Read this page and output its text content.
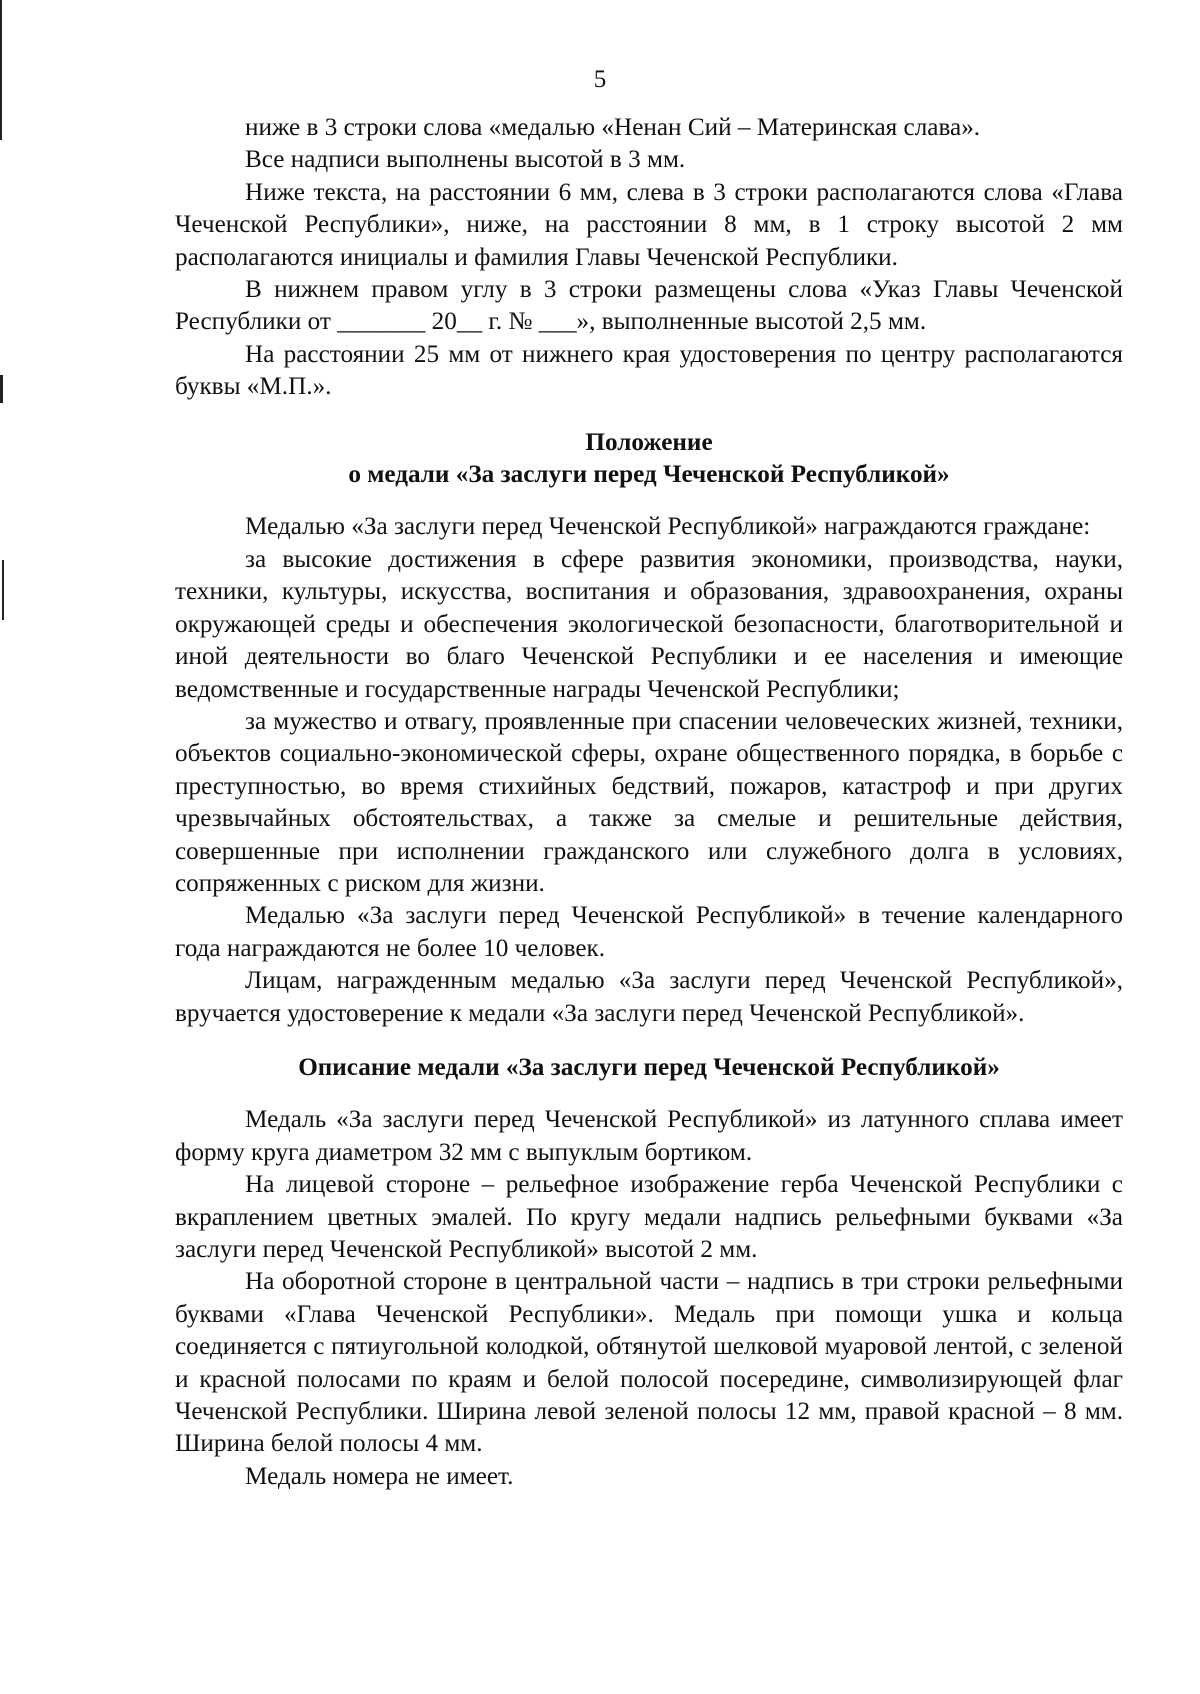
5

ниже в 3 строки слова «медалью «Ненан Сий – Материнская слава».

Все надписи выполнены высотой в 3 мм.

Ниже текста, на расстоянии 6 мм, слева в 3 строки располагаются слова «Глава Чеченской Республики», ниже, на расстоянии 8 мм, в 1 строку высотой 2 мм располагаются инициалы и фамилия Главы Чеченской Республики.

В нижнем правом углу в 3 строки размещены слова «Указ Главы Чеченской Республики от _______ 20__ г. № ___», выполненные высотой 2,5 мм.

На расстоянии 25 мм от нижнего края удостоверения по центру располагаются буквы «М.П.».

Положение
о медали «За заслуги перед Чеченской Республикой»

Медалью «За заслуги перед Чеченской Республикой» награждаются граждане:

за высокие достижения в сфере развития экономики, производства, науки, техники, культуры, искусства, воспитания и образования, здравоохранения, охраны окружающей среды и обеспечения экологической безопасности, благотворительной и иной деятельности во благо Чеченской Республики и ее населения и имеющие ведомственные и государственные награды Чеченской Республики;

за мужество и отвагу, проявленные при спасении человеческих жизней, техники, объектов социально-экономической сферы, охране общественного порядка, в борьбе с преступностью, во время стихийных бедствий, пожаров, катастроф и при других чрезвычайных обстоятельствах, а также за смелые и решительные действия, совершенные при исполнении гражданского или служебного долга в условиях, сопряженных с риском для жизни.

Медалью «За заслуги перед Чеченской Республикой» в течение календарного года награждаются не более 10 человек.

Лицам, награжденным медалью «За заслуги перед Чеченской Республикой», вручается удостоверение к медали «За заслуги перед Чеченской Республикой».

Описание медали «За заслуги перед Чеченской Республикой»

Медаль «За заслуги перед Чеченской Республикой» из латунного сплава имеет форму круга диаметром 32 мм с выпуклым бортиком.

На лицевой стороне – рельефное изображение герба Чеченской Республики с вкраплением цветных эмалей. По кругу медали надпись рельефными буквами «За заслуги перед Чеченской Республикой» высотой 2 мм.

На оборотной стороне в центральной части – надпись в три строки рельефными буквами «Глава Чеченской Республики». Медаль при помощи ушка и кольца соединяется с пятиугольной колодкой, обтянутой шелковой муаровой лентой, с зеленой и красной полосами по краям и белой полосой посередине, символизирующей флаг Чеченской Республики. Ширина левой зеленой полосы 12 мм, правой красной – 8 мм. Ширина белой полосы 4 мм.

Медаль номера не имеет.
